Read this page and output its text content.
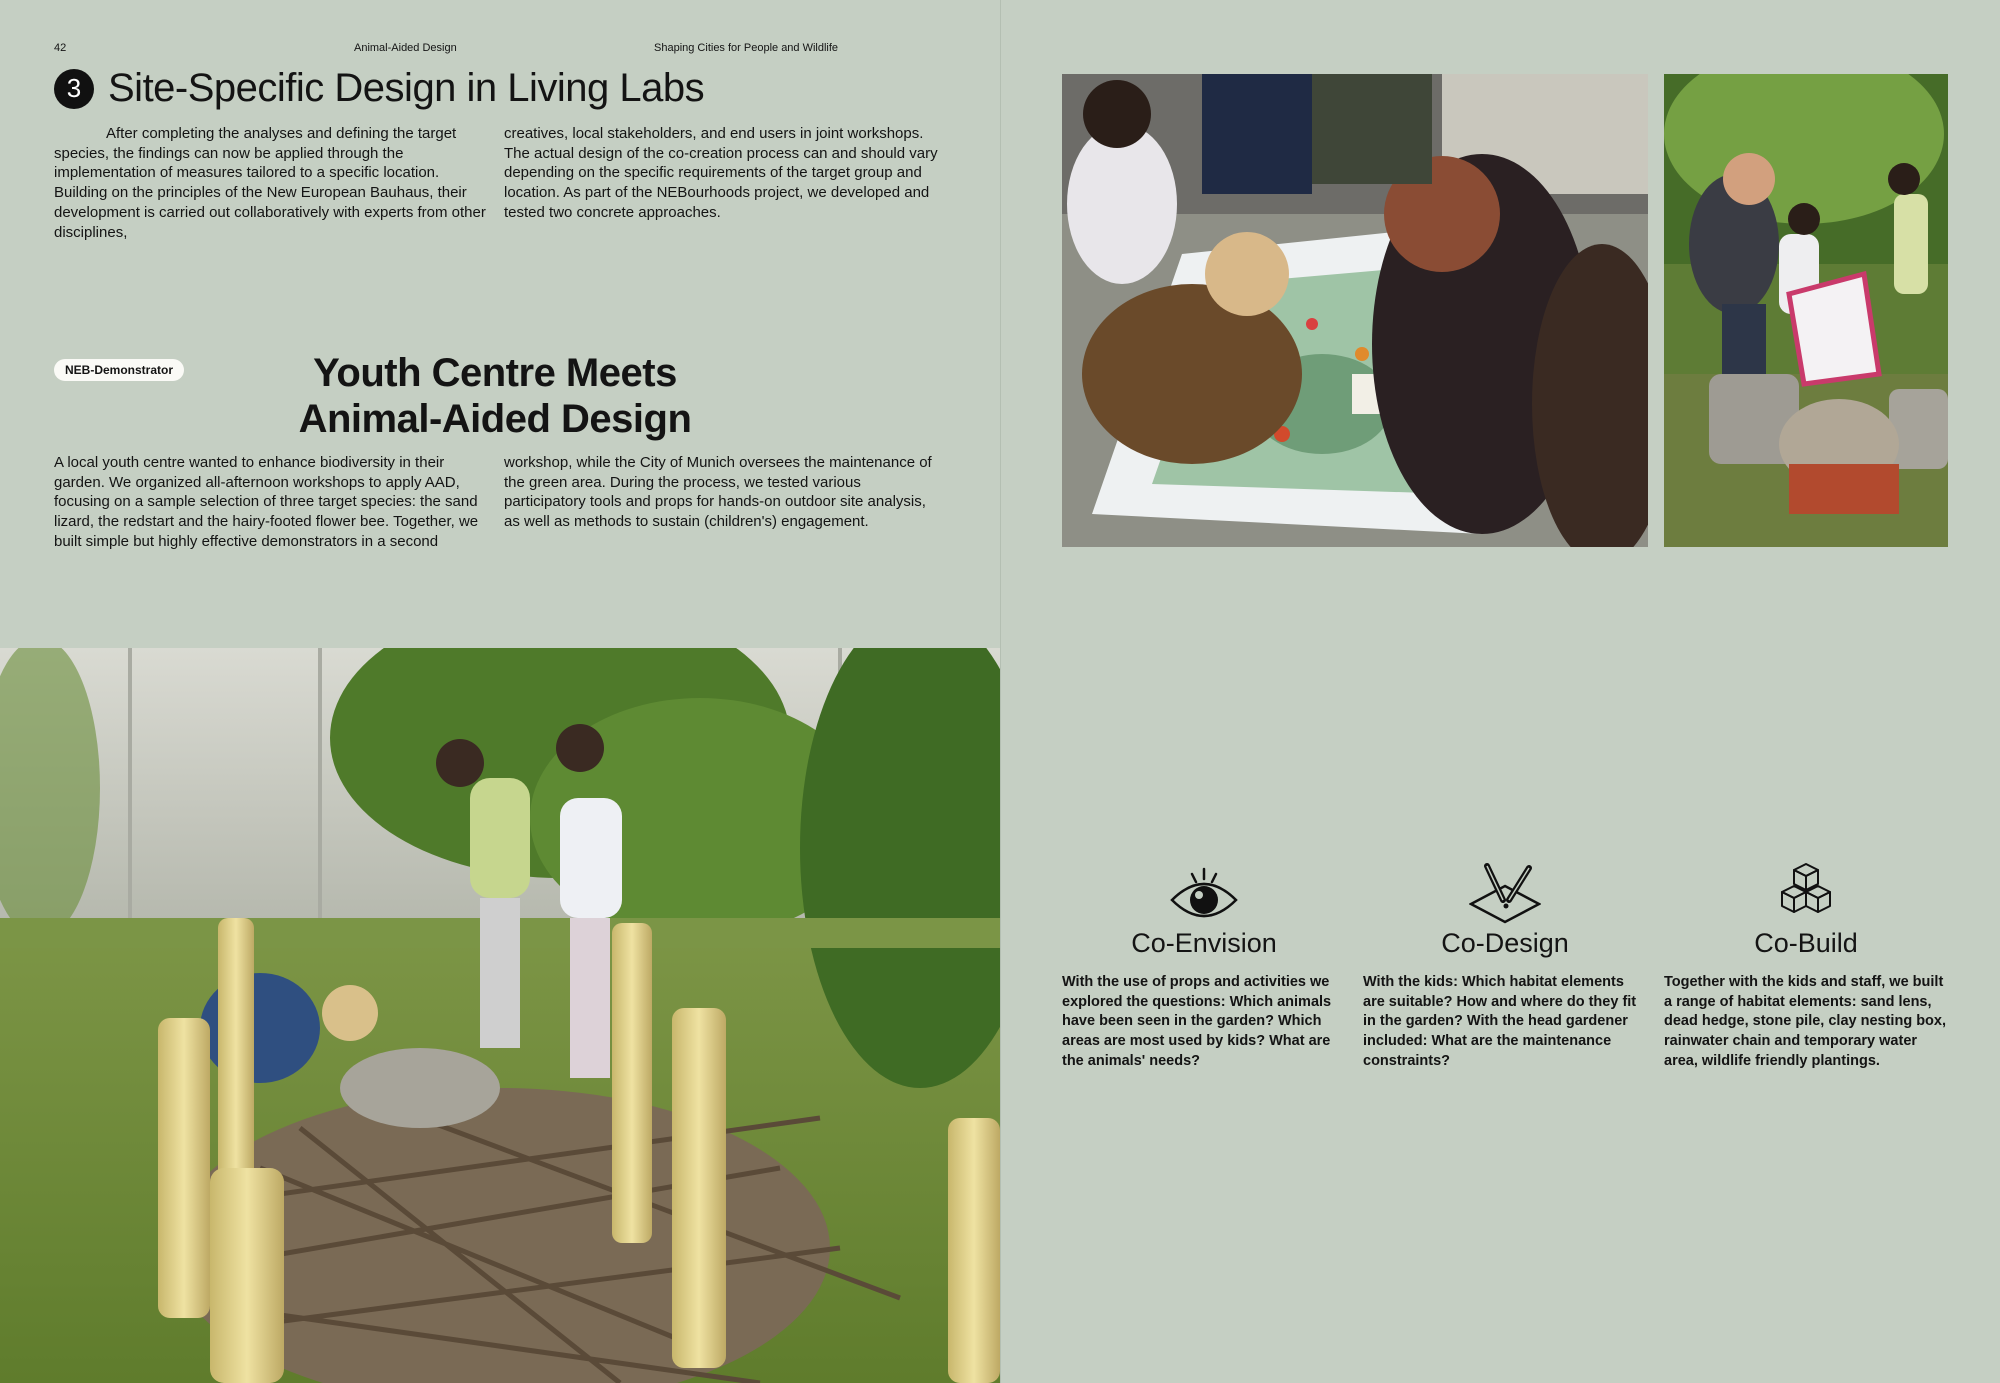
42	Animal-Aided Design	Shaping Cities for People and Wildlife
3 Site-Specific Design in Living Labs

After completing the analyses and defining the target species, the findings can now be applied through the implementation of measures tailored to a specific location. Building on the principles of the New European Bauhaus, their development is carried out collaboratively with experts from other disciplines,

creatives, local stakeholders, and end users in joint workshops. The actual design of the co-creation process can and should vary depending on the specific requirements of the target group and location. As part of the NEBourhoods project, we developed and tested two concrete approaches.

NEB-Demonstrator	Youth Centre Meets
Animal-Aided Design

A local youth centre wanted to enhance biodiversity in their garden. We organized all-afternoon workshops to apply AAD, focusing on a sample selection of three target species: the sand lizard, the redstart and the hairy-footed flower bee. Together, we built simple but highly effective demonstrators in a second

workshop, while the City of Munich oversees the maintenance of the green area. During the process, we tested various participatory tools and props for hands-on outdoor site analysis, as well as methods to sustain (children's) engagement.

Co-Envision

With the use of props and activities we explored the questions: Which animals have been seen in the garden? Which areas are most used by kids? What are the animals' needs?

Co-Design

With the kids: Which habitat elements are suitable? How and where do they fit in the garden? With the head gardener included: What are the maintenance constraints?

Co-Build

Together with the kids and staff, we built a range of habitat elements: sand lens, dead hedge, stone pile, clay nesting box, rainwater chain and temporary water area, wildlife friendly plantings.
